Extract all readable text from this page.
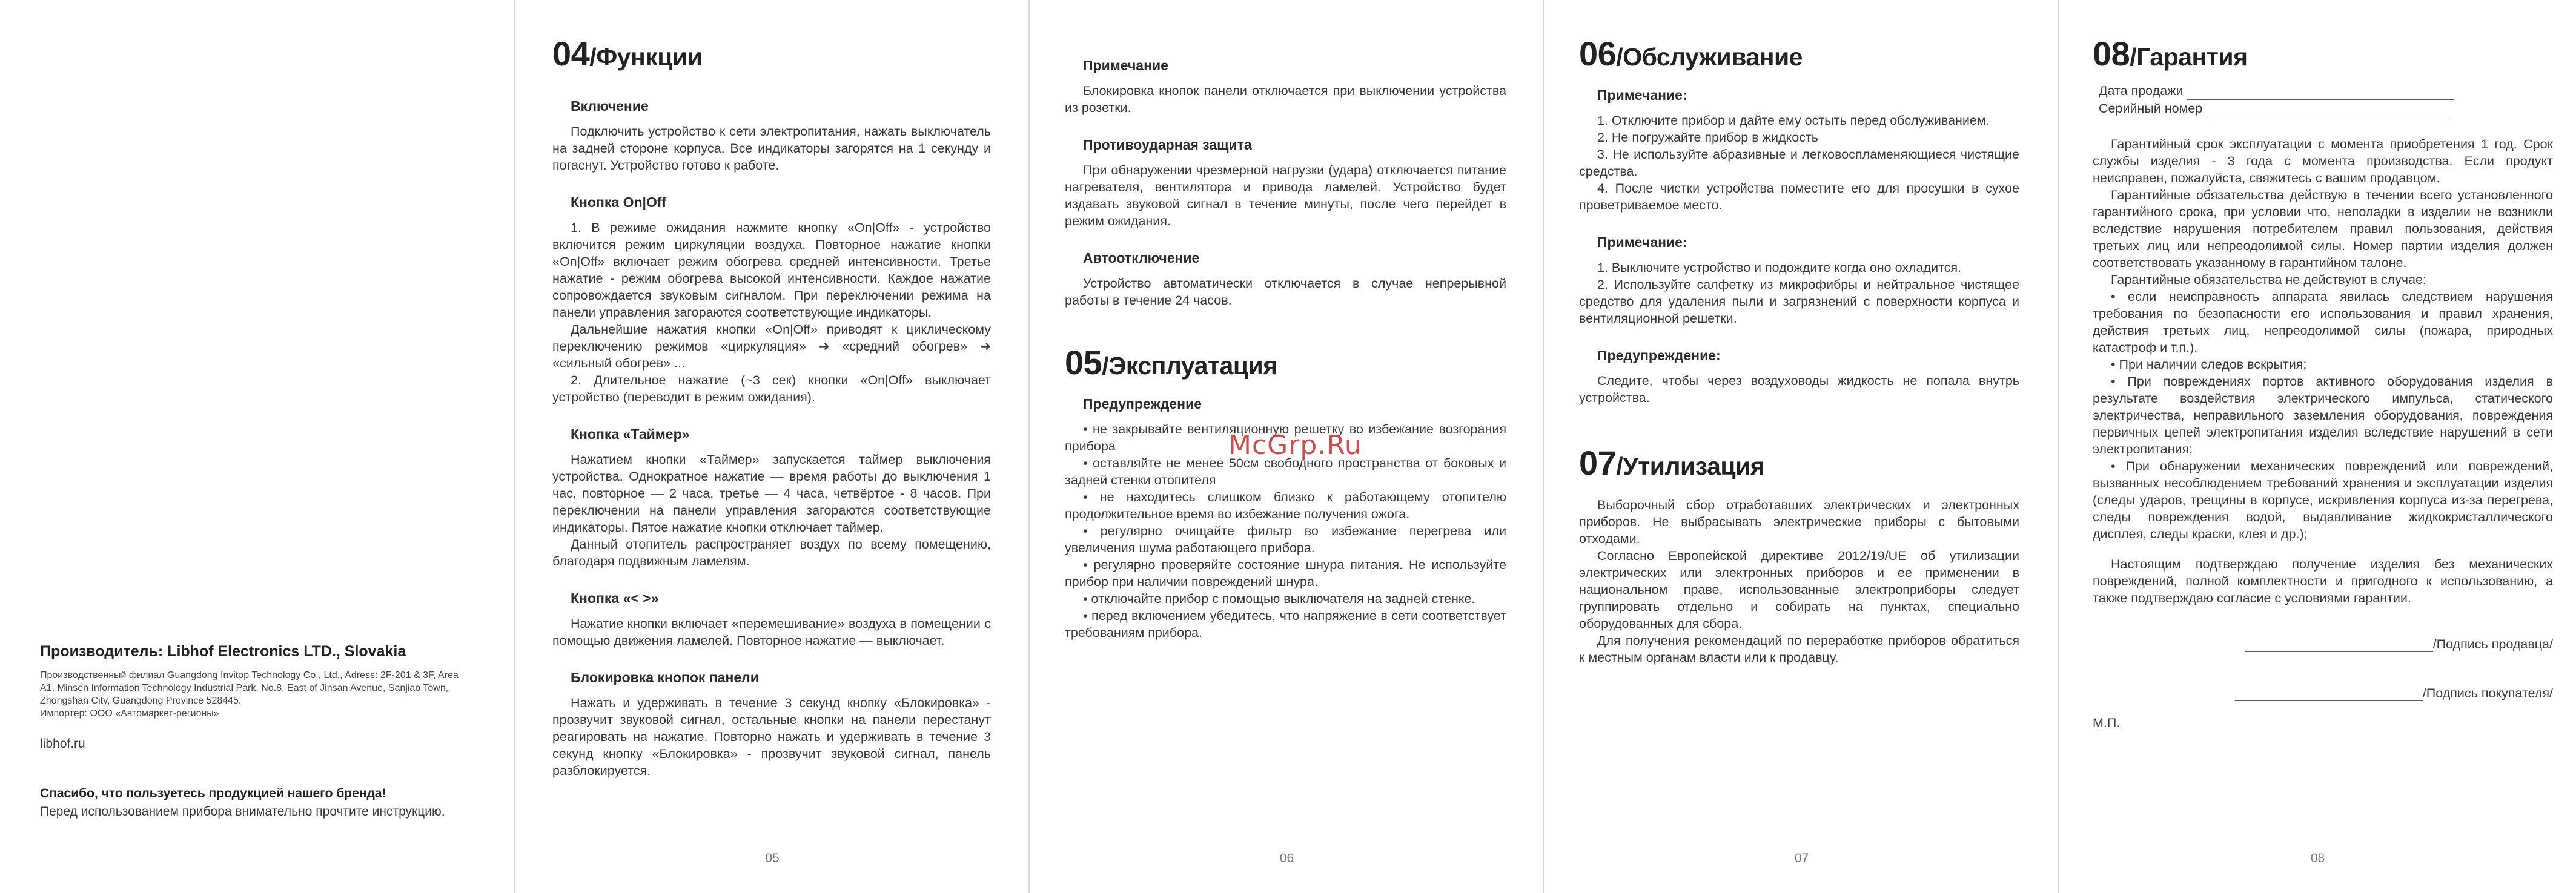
Производитель: Libhof Electronics LTD., Slovakia

Производственный филиал Guangdong Invitop Technology Co., Ltd., Adress: 2F-201 & 3F, Area A1, Minsen Information Technology Industrial Park, No.8, East of Jinsan Avenue, Sanjiao Town, Zhongshan City, Guangdong Province 528445.

Импортер: ООО «Автомаркет-регионы»

libhof.ru
Спасибо, что пользуетесь продукцией нашего бренда!

Перед использованием прибора внимательно прочтите инструкцию.

04/Функции
Включение

Подключить устройство к сети электропитания, нажать выключатель на задней стороне корпуса. Все индикаторы загорятся на 1 секунду и погаснут. Устройство готово к работе.

Кнопка On|Off

1. В режиме ожидания нажмите кнопку «On|Off» - устройство включится режим циркуляции воздуха. Повторное нажатие кнопки «On|Off» включает режим обогрева средней интенсивности. Третье нажатие - режим обогрева высокой интенсивности. Каждое нажатие сопровождается звуковым сигналом. При переключении режима на панели управления загораются соответствующие индикаторы.

Дальнейшие нажатия кнопки «On|Off» приводят к циклическому переключению режимов «циркуляция» ➜ «средний обогрев» ➜ «сильный обогрев» ...

2. Длительное нажатие (~3 сек) кнопки «On|Off» выключает устройство (переводит в режим ожидания).

Кнопка «Таймер»

Нажатием кнопки «Таймер» запускается таймер выключения устройства. Однократное нажатие — время работы до выключения 1 час, повторное — 2 часа, третье — 4 часа, четвёртое - 8 часов. При переключении на панели управления загораются соответствующие индикаторы. Пятое нажатие кнопки отключает таймер.

Данный отопитель распространяет воздух по всему помещению, благодаря подвижным ламелям.

Кнопка «< >»

Нажатие кнопки включает «перемешивание» воздуха в помещении с помощью движения ламелей. Повторное нажатие — выключает.

Блокировка кнопок панели

Нажать и удерживать в течение 3 секунд кнопку «Блокировка» - прозвучит звуковой сигнал, остальные кнопки на панели перестанут реагировать на нажатие. Повторно нажать и удерживать в течение 3 секунд кнопку «Блокировка» - прозвучит звуковой сигнал, панель разблокируется.

05
Примечание

Блокировка кнопок панели отключается при выключении устройства из розетки.

Противоударная защита

При обнаружении чрезмерной нагрузки (удара) отключается питание нагревателя, вентилятора и привода ламелей. Устройство будет издавать звуковой сигнал в течение минуты, после чего перейдет в режим ожидания.

Автоотключение

Устройство автоматически отключается в случае непрерывной работы в течение 24 часов.

05/Эксплуатация
Предупреждение

• не закрывайте вентиляционную решетку во избежание возгорания прибора

• оставляйте не менее 50см свободного пространства от боковых и задней стенки отопителя

• не находитесь слишком близко к работающему отопителю продолжительное время во избежание получения ожога.

• регулярно очищайте фильтр во избежание перегрева или увеличения шума работающего прибора.

• регулярно проверяйте состояние шнура питания. Не используйте прибор при наличии повреждений шнура.

• отключайте прибор с помощью выключателя на задней стенке.

• перед включением убедитесь, что напряжение в сети соответствует требованиям прибора.

McGrp.Ru
06
06/Обслуживание
Примечание:

1. Отключите прибор и дайте ему остыть перед обслуживанием.

2. Не погружайте прибор в жидкость

3. Не используйте абразивные и легковоспламеняющиеся чистящие средства.

4. После чистки устройства поместите его для просушки в сухое проветриваемое место.

Примечание:

1. Выключите устройство и подождите когда оно охладится.

2. Используйте салфетку из микрофибры и нейтральное чистящее средство для удаления пыли и загрязнений с поверхности корпуса и вентиляционной решетки.

Предупреждение:

Следите, чтобы через воздуховоды жидкость не попала внутрь устройства.

07/Утилизация

Выборочный сбор отработавших электрических и электронных приборов. Не выбрасывать электрические приборы с бытовыми отходами.

Согласно Европейской директиве 2012/19/UE об утилизации электрических или электронных приборов и ее применении в национальном праве, использованные электроприборы следует группировать отдельно и собирать на пунктах, специально оборудованных для сбора.

Для получения рекомендаций по переработке приборов обратиться к местным органам власти или к продавцу.

07
08/Гарантия
Дата продажи
Серийный номер

Гарантийный срок эксплуатации с момента приобретения 1 год. Срок службы изделия - 3 года с момента производства. Если продукт неисправен, пожалуйста, свяжитесь с вашим продавцом.

Гарантийные обязательства действую в течении всего установленного гарантийного срока, при условии что, неполадки в изделии не возникли вследствие нарушения потребителем правил пользования, действия третьих лиц или непреодолимой силы. Номер партии изделия должен соответствовать указанному в гарантийном талоне.

Гарантийные обязательства не действуют в случае:

• если неисправность аппарата явилась следствием нарушения требования по безопасности его использования и правил хранения, действия третьих лиц, непреодолимой силы (пожара, природных катастроф и т.п.).

• При наличии следов вскрытия;

• При повреждениях портов активного оборудования изделия в результате воздействия электрического импульса, статического электричества, неправильного заземления оборудования, повреждения первичных цепей электропитания изделия вследствие нарушений в сети электропитания;

• При обнаружении механических повреждений или повреждений, вызванных несоблюдением требований хранения и эксплуатации изделия (следы ударов, трещины в корпусе, искривления корпуса из-за перегрева, следы повреждения водой, выдавливание жидкокристаллического дисплея, следы краски, клея и др.);

Настоящим подтверждаю получение изделия без механических повреждений, полной комплектности и пригодного к использованию, а также подтверждаю согласие с условиями гарантии.

/Подпись продавца/
/Подпись покупателя/
М.П.
08
